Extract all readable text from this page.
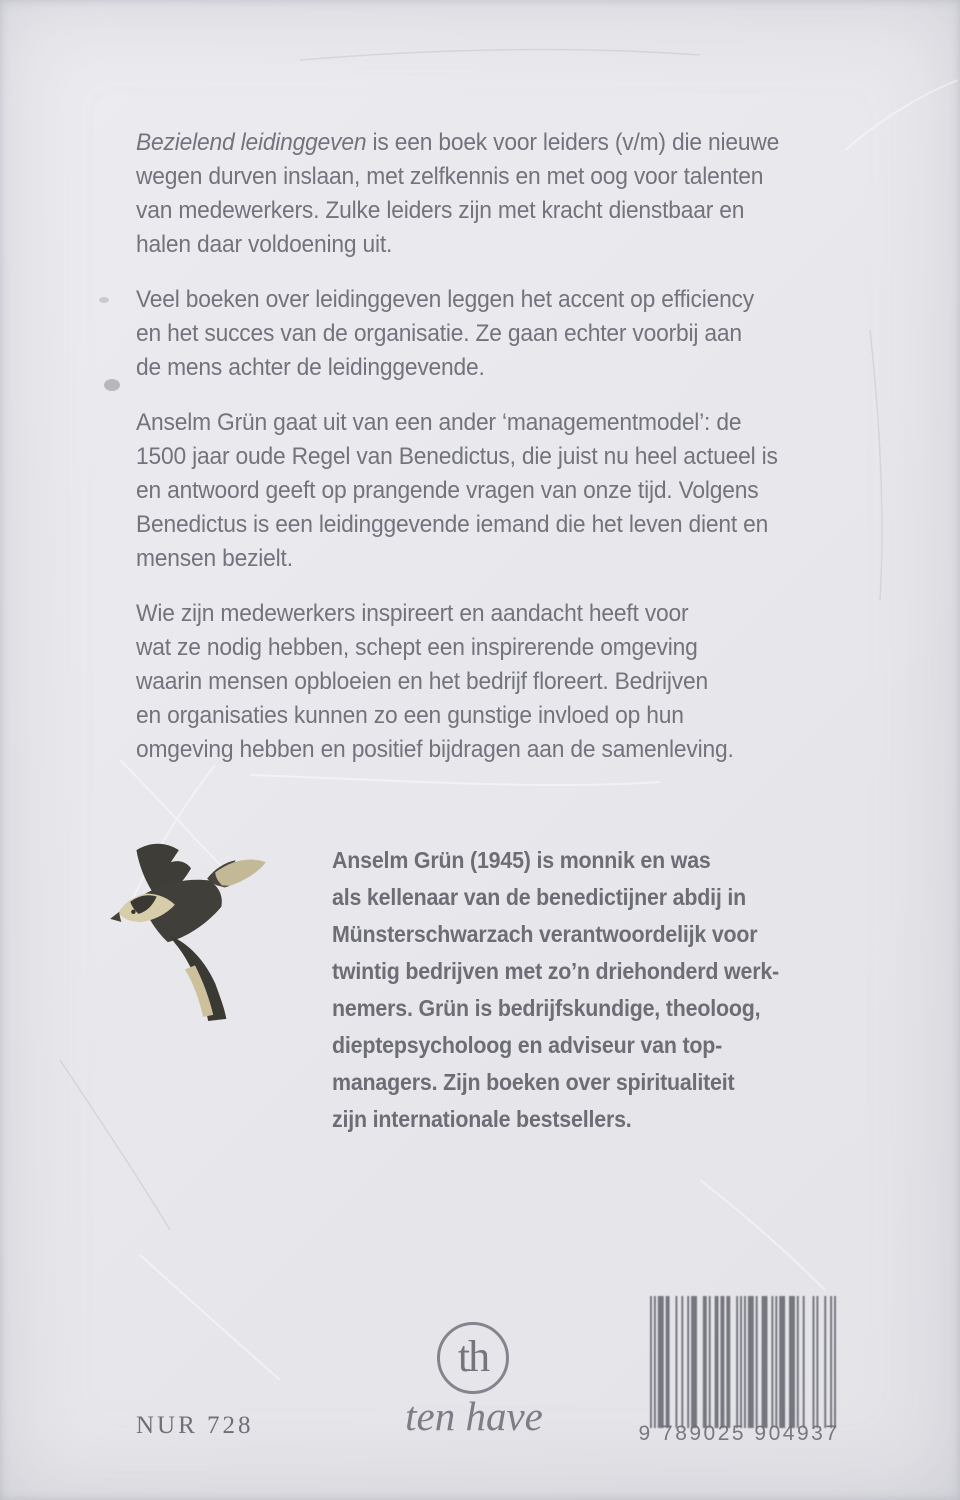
Bezielend leidinggeven is een boek voor leiders (v/m) die nieuwe
wegen durven inslaan, met zelfkennis en met oog voor talenten
van medewerkers. Zulke leiders zijn met kracht dienstbaar en
halen daar voldoening uit.

Veel boeken over leidinggeven leggen het accent op efficiency
en het succes van de organisatie. Ze gaan echter voorbij aan
de mens achter de leidinggevende.

Anselm Grün gaat uit van een ander ‘managementmodel’: de
1500 jaar oude Regel van Benedictus, die juist nu heel actueel is
en antwoord geeft op prangende vragen van onze tijd. Volgens
Benedictus is een leidinggevende iemand die het leven dient en
mensen bezielt.

Wie zijn medewerkers inspireert en aandacht heeft voor
wat ze nodig hebben, schept een inspirerende omgeving
waarin mensen opbloeien en het bedrijf floreert. Bedrijven
en organisaties kunnen zo een gunstige invloed op hun
omgeving hebben en positief bijdragen aan de samenleving.

Anselm Grün (1945) is monnik en was
als kellenaar van de benedictijner abdij in
Münsterschwarzach verantwoordelijk voor
twintig bedrijven met zo’n driehonderd werk-
nemers. Grün is bedrijfskundige, theoloog,
dieptepsycholoog en adviseur van top-
managers. Zijn boeken over spiritualiteit
zijn internationale bestsellers.
NUR 728
th
ten have	9 789025 904937
